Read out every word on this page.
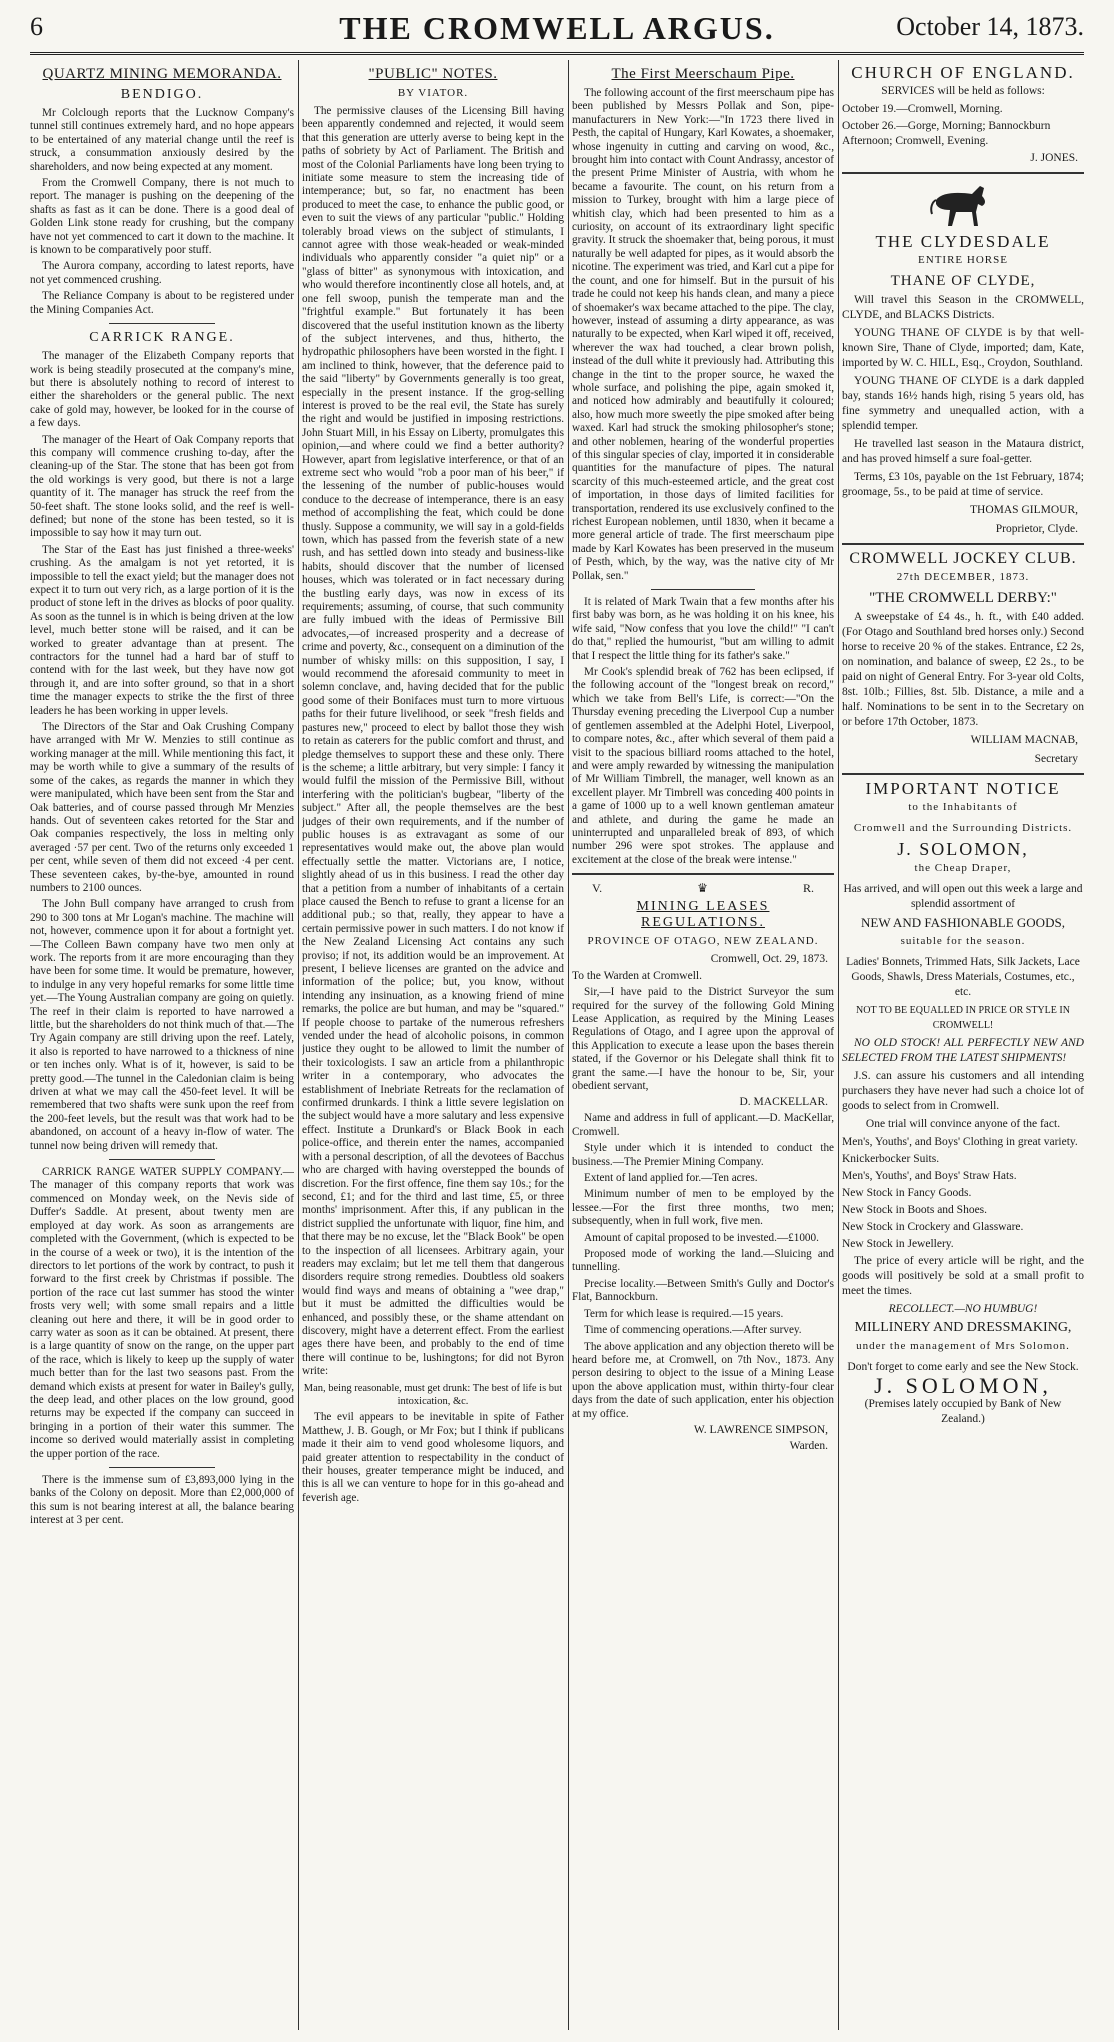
6	THE CROMWELL ARGUS.	October 14, 1873.
QUARTZ MINING MEMORANDA.
BENDIGO.

Mr Colclough reports that the Lucknow Company's tunnel still continues extremely hard, and no hope appears to be entertained of any material change until the reef is struck, a consummation anxiously desired by the shareholders, and now being expected at any moment.

From the Cromwell Company, there is not much to report. The manager is pushing on the deepening of the shafts as fast as it can be done. There is a good deal of Golden Link stone ready for crushing, but the company have not yet commenced to cart it down to the machine. It is known to be comparatively poor stuff.

The Aurora company, according to latest reports, have not yet commenced crushing.

The Reliance Company is about to be registered under the Mining Companies Act.

CARRICK RANGE.

The manager of the Elizabeth Company reports that work is being steadily prosecuted at the company's mine, but there is absolutely nothing to record of interest to either the shareholders or the general public. The next cake of gold may, however, be looked for in the course of a few days.

The manager of the Heart of Oak Company reports that this company will commence crushing to-day, after the cleaning-up of the Star. The stone that has been got from the old workings is very good, but there is not a large quantity of it. The manager has struck the reef from the 50-feet shaft. The stone looks solid, and the reef is well-defined; but none of the stone has been tested, so it is impossible to say how it may turn out.

The Star of the East has just finished a three-weeks' crushing. As the amalgam is not yet retorted, it is impossible to tell the exact yield; but the manager does not expect it to turn out very rich, as a large portion of it is the product of stone left in the drives as blocks of poor quality. As soon as the tunnel is in which is being driven at the low level, much better stone will be raised, and it can be worked to greater advantage than at present. The contractors for the tunnel had a hard bar of stuff to contend with for the last week, but they have now got through it, and are into softer ground, so that in a short time the manager expects to strike the the first of three leaders he has been working in upper levels.

The Directors of the Star and Oak Crushing Company have arranged with Mr W. Menzies to still continue as working manager at the mill. While mentioning this fact, it may be worth while to give a summary of the results of some of the cakes, as regards the manner in which they were manipulated, which have been sent from the Star and Oak batteries, and of course passed through Mr Menzies hands. Out of seventeen cakes retorted for the Star and Oak companies respectively, the loss in melting only averaged ·57 per cent. Two of the returns only exceeded 1 per cent, while seven of them did not exceed ·4 per cent. These seventeen cakes, by-the-bye, amounted in round numbers to 2100 ounces.

The John Bull company have arranged to crush from 290 to 300 tons at Mr Logan's machine. The machine will not, however, commence upon it for about a fortnight yet. —The Colleen Bawn company have two men only at work. The reports from it are more encouraging than they have been for some time. It would be premature, however, to indulge in any very hopeful remarks for some little time yet.—The Young Australian company are going on quietly. The reef in their claim is reported to have narrowed a little, but the shareholders do not think much of that.—The Try Again company are still driving upon the reef. Lately, it also is reported to have narrowed to a thickness of nine or ten inches only. What is of it, however, is said to be pretty good.—The tunnel in the Caledonian claim is being driven at what we may call the 450-feet level. It will be remembered that two shafts were sunk upon the reef from the 200-feet levels, but the result was that work had to be abandoned, on account of a heavy in-flow of water. The tunnel now being driven will remedy that.

CARRICK RANGE WATER SUPPLY COMPANY.—The manager of this company reports that work was commenced on Monday week, on the Nevis side of Duffer's Saddle. At present, about twenty men are employed at day work. As soon as arrangements are completed with the Government, (which is expected to be in the course of a week or two), it is the intention of the directors to let portions of the work by contract, to push it forward to the first creek by Christmas if possible. The portion of the race cut last summer has stood the winter frosts very well; with some small repairs and a little cleaning out here and there, it will be in good order to carry water as soon as it can be obtained. At present, there is a large quantity of snow on the range, on the upper part of the race, which is likely to keep up the supply of water much better than for the last two seasons past. From the demand which exists at present for water in Bailey's gully, the deep lead, and other places on the low ground, good returns may be expected if the company can succeed in bringing in a portion of their water this summer. The income so derived would materially assist in completing the upper portion of the race.

There is the immense sum of £3,893,000 lying in the banks of the Colony on deposit. More than £2,000,000 of this sum is not bearing interest at all, the balance bearing interest at 3 per cent.

"PUBLIC" NOTES.
BY VIATOR.

The permissive clauses of the Licensing Bill having been apparently condemned and rejected, it would seem that this generation are utterly averse to being kept in the paths of sobriety by Act of Parliament. The British and most of the Colonial Parliaments have long been trying to initiate some measure to stem the increasing tide of intemperance; but, so far, no enactment has been produced to meet the case, to enhance the public good, or even to suit the views of any particular "public." Holding tolerably broad views on the subject of stimulants, I cannot agree with those weak-headed or weak-minded individuals who apparently consider "a quiet nip" or a "glass of bitter" as synonymous with intoxication, and who would therefore incontinently close all hotels, and, at one fell swoop, punish the temperate man and the "frightful example." But fortunately it has been discovered that the useful institution known as the liberty of the subject intervenes, and thus, hitherto, the hydropathic philosophers have been worsted in the fight. I am inclined to think, however, that the deference paid to the said "liberty" by Governments generally is too great, especially in the present instance. If the grog-selling interest is proved to be the real evil, the State has surely the right and would be justified in imposing restrictions. John Stuart Mill, in his Essay on Liberty, promulgates this opinion,—and where could we find a better authority? However, apart from legislative interference, or that of an extreme sect who would "rob a poor man of his beer," if the lessening of the number of public-houses would conduce to the decrease of intemperance, there is an easy method of accomplishing the feat, which could be done thusly. Suppose a community, we will say in a gold-fields town, which has passed from the feverish state of a new rush, and has settled down into steady and business-like habits, should discover that the number of licensed houses, which was tolerated or in fact necessary during the bustling early days, was now in excess of its requirements; assuming, of course, that such community are fully imbued with the ideas of Permissive Bill advocates,—of increased prosperity and a decrease of crime and poverty, &c., consequent on a diminution of the number of whisky mills: on this supposition, I say, I would recommend the aforesaid community to meet in solemn conclave, and, having decided that for the public good some of their Bonifaces must turn to more virtuous paths for their future livelihood, or seek "fresh fields and pastures new," proceed to elect by ballot those they wish to retain as caterers for the public comfort and thrust, and pledge themselves to support these and these only. There is the scheme; a little arbitrary, but very simple: I fancy it would fulfil the mission of the Permissive Bill, without interfering with the politician's bugbear, "liberty of the subject." After all, the people themselves are the best judges of their own requirements, and if the number of public houses is as extravagant as some of our representatives would make out, the above plan would effectually settle the matter. Victorians are, I notice, slightly ahead of us in this business. I read the other day that a petition from a number of inhabitants of a certain place caused the Bench to refuse to grant a license for an additional pub.; so that, really, they appear to have a certain permissive power in such matters. I do not know if the New Zealand Licensing Act contains any such proviso; if not, its addition would be an improvement. At present, I believe licenses are granted on the advice and information of the police; but, you know, without intending any insinuation, as a knowing friend of mine remarks, the police are but human, and may be "squared." If people choose to partake of the numerous refreshers vended under the head of alcoholic poisons, in common justice they ought to be allowed to limit the number of their toxicologists. I saw an article from a philanthropic writer in a contemporary, who advocates the establishment of Inebriate Retreats for the reclamation of confirmed drunkards. I think a little severe legislation on the subject would have a more salutary and less expensive effect. Institute a Drunkard's or Black Book in each police-office, and therein enter the names, accompanied with a personal description, of all the devotees of Bacchus who are charged with having overstepped the bounds of discretion. For the first offence, fine them say 10s.; for the second, £1; and for the third and last time, £5, or three months' imprisonment. After this, if any publican in the district supplied the unfortunate with liquor, fine him, and that there may be no excuse, let the "Black Book" be open to the inspection of all licensees. Arbitrary again, your readers may exclaim; but let me tell them that dangerous disorders require strong remedies. Doubtless old soakers would find ways and means of obtaining a "wee drap," but it must be admitted the difficulties would be enhanced, and possibly these, or the shame attendant on discovery, might have a deterrent effect. From the earliest ages there have been, and probably to the end of time there will continue to be, lushingtons; for did not Byron write:

Man, being reasonable, must get drunk: The best of life is but intoxication, &c.

The evil appears to be inevitable in spite of Father Matthew, J. B. Gough, or Mr Fox; but I think if publicans made it their aim to vend good wholesome liquors, and paid greater attention to respectability in the conduct of their houses, greater temperance might be induced, and this is all we can venture to hope for in this go-ahead and feverish age.

The First Meerschaum Pipe.

The following account of the first meerschaum pipe has been published by Messrs Pollak and Son, pipe-manufacturers in New York:—"In 1723 there lived in Pesth, the capital of Hungary, Karl Kowates, a shoemaker, whose ingenuity in cutting and carving on wood, &c., brought him into contact with Count Andrassy, ancestor of the present Prime Minister of Austria, with whom he became a favourite. The count, on his return from a mission to Turkey, brought with him a large piece of whitish clay, which had been presented to him as a curiosity, on account of its extraordinary light specific gravity. It struck the shoemaker that, being porous, it must naturally be well adapted for pipes, as it would absorb the nicotine. The experiment was tried, and Karl cut a pipe for the count, and one for himself. But in the pursuit of his trade he could not keep his hands clean, and many a piece of shoemaker's wax became attached to the pipe. The clay, however, instead of assuming a dirty appearance, as was naturally to be expected, when Karl wiped it off, received, wherever the wax had touched, a clear brown polish, instead of the dull white it previously had. Attributing this change in the tint to the proper source, he waxed the whole surface, and polishing the pipe, again smoked it, and noticed how admirably and beautifully it coloured; also, how much more sweetly the pipe smoked after being waxed. Karl had struck the smoking philosopher's stone; and other noblemen, hearing of the wonderful properties of this singular species of clay, imported it in considerable quantities for the manufacture of pipes. The natural scarcity of this much-esteemed article, and the great cost of importation, in those days of limited facilities for transportation, rendered its use exclusively confined to the richest European noblemen, until 1830, when it became a more general article of trade. The first meerschaum pipe made by Karl Kowates has been preserved in the museum of Pesth, which, by the way, was the native city of Mr Pollak, sen."

It is related of Mark Twain that a few months after his first baby was born, as he was holding it on his knee, his wife said, "Now confess that you love the child!" "I can't do that," replied the humourist, "but am willing to admit that I respect the little thing for its father's sake."

Mr Cook's splendid break of 762 has been eclipsed, if the following account of the "longest break on record," which we take from Bell's Life, is correct:—"On the Thursday evening preceding the Liverpool Cup a number of gentlemen assembled at the Adelphi Hotel, Liverpool, to compare notes, &c., after which several of them paid a visit to the spacious billiard rooms attached to the hotel, and were amply rewarded by witnessing the manipulation of Mr William Timbrell, the manager, well known as an excellent player. Mr Timbrell was conceding 400 points in a game of 1000 up to a well known gentleman amateur and athlete, and during the game he made an uninterrupted and unparalleled break of 893, of which number 296 were spot strokes. The applause and excitement at the close of the break were intense."

V.	♛	R.
MINING LEASES REGULATIONS.
PROVINCE OF OTAGO, NEW ZEALAND.
Cromwell, Oct. 29, 1873.

To the Warden at Cromwell.

Sir,—I have paid to the District Surveyor the sum required for the survey of the following Gold Mining Lease Application, as required by the Mining Leases Regulations of Otago, and I agree upon the approval of this Application to execute a lease upon the bases therein stated, if the Governor or his Delegate shall think fit to grant the same.—I have the honour to be, Sir, your obedient servant,

D. MACKELLAR.

Name and address in full of applicant.—D. MacKellar, Cromwell.

Style under which it is intended to conduct the business.—The Premier Mining Company.

Extent of land applied for.—Ten acres.

Minimum number of men to be employed by the lessee.—For the first three months, two men; subsequently, when in full work, five men.

Amount of capital proposed to be invested.—£1000.

Proposed mode of working the land.—Sluicing and tunnelling.

Precise locality.—Between Smith's Gully and Doctor's Flat, Bannockburn.

Term for which lease is required.—15 years.

Time of commencing operations.—After survey.

The above application and any objection thereto will be heard before me, at Cromwell, on 7th Nov., 1873. Any person desiring to object to the issue of a Mining Lease upon the above application must, within thirty-four clear days from the date of such application, enter his objection at my office.

W. LAWRENCE SIMPSON,
Warden.
CHURCH OF ENGLAND.

SERVICES will be held as follows:

October 19.—Cromwell, Morning.

October 26.—Gorge, Morning; Bannockburn Afternoon; Cromwell, Evening.

J. JONES.
THE CLYDESDALE
ENTIRE HORSE
THANE OF CLYDE,

Will travel this Season in the CROMWELL, CLYDE, and BLACKS Districts.

YOUNG THANE OF CLYDE is by that well-known Sire, Thane of Clyde, imported; dam, Kate, imported by W. C. HILL, Esq., Croydon, Southland.

YOUNG THANE OF CLYDE is a dark dappled bay, stands 16½ hands high, rising 5 years old, has fine symmetry and unequalled action, with a splendid temper.

He travelled last season in the Mataura district, and has proved himself a sure foal-getter.

Terms, £3 10s, payable on the 1st February, 1874; groomage, 5s., to be paid at time of service.

THOMAS GILMOUR,
Proprietor, Clyde.
CROMWELL JOCKEY CLUB.
27th DECEMBER, 1873.
"THE CROMWELL DERBY:"

A sweepstake of £4 4s., h. ft., with £40 added. (For Otago and Southland bred horses only.) Second horse to receive 20 % of the stakes. Entrance, £2 2s, on nomination, and balance of sweep, £2 2s., to be paid on night of General Entry. For 3-year old Colts, 8st. 10lb.; Fillies, 8st. 5lb. Distance, a mile and a half. Nominations to be sent in to the Secretary on or before 17th October, 1873.

WILLIAM MACNAB,
Secretary
IMPORTANT NOTICE
to the Inhabitants of
Cromwell and the Surrounding Districts.
J. SOLOMON,
the Cheap Draper,

Has arrived, and will open out this week a large and splendid assortment of

NEW AND FASHIONABLE GOODS,
suitable for the season.

Ladies' Bonnets, Trimmed Hats, Silk Jackets, Lace Goods, Shawls, Dress Materials, Costumes, etc., etc.

NOT TO BE EQUALLED IN PRICE OR STYLE IN CROMWELL!

NO OLD STOCK! ALL PERFECTLY NEW AND SELECTED FROM THE LATEST SHIPMENTS!

J.S. can assure his customers and all intending purchasers they have never had such a choice lot of goods to select from in Cromwell.

One trial will convince anyone of the fact.

Men's, Youths', and Boys' Clothing in great variety.

Knickerbocker Suits.

Men's, Youths', and Boys' Straw Hats.

New Stock in Fancy Goods.

New Stock in Boots and Shoes.

New Stock in Crockery and Glassware.

New Stock in Jewellery.

The price of every article will be right, and the goods will positively be sold at a small profit to meet the times.

RECOLLECT.—NO HUMBUG!

MILLINERY AND DRESSMAKING,
under the management of Mrs Solomon.

Don't forget to come early and see the New Stock.

J. SOLOMON,

(Premises lately occupied by Bank of New Zealand.)
